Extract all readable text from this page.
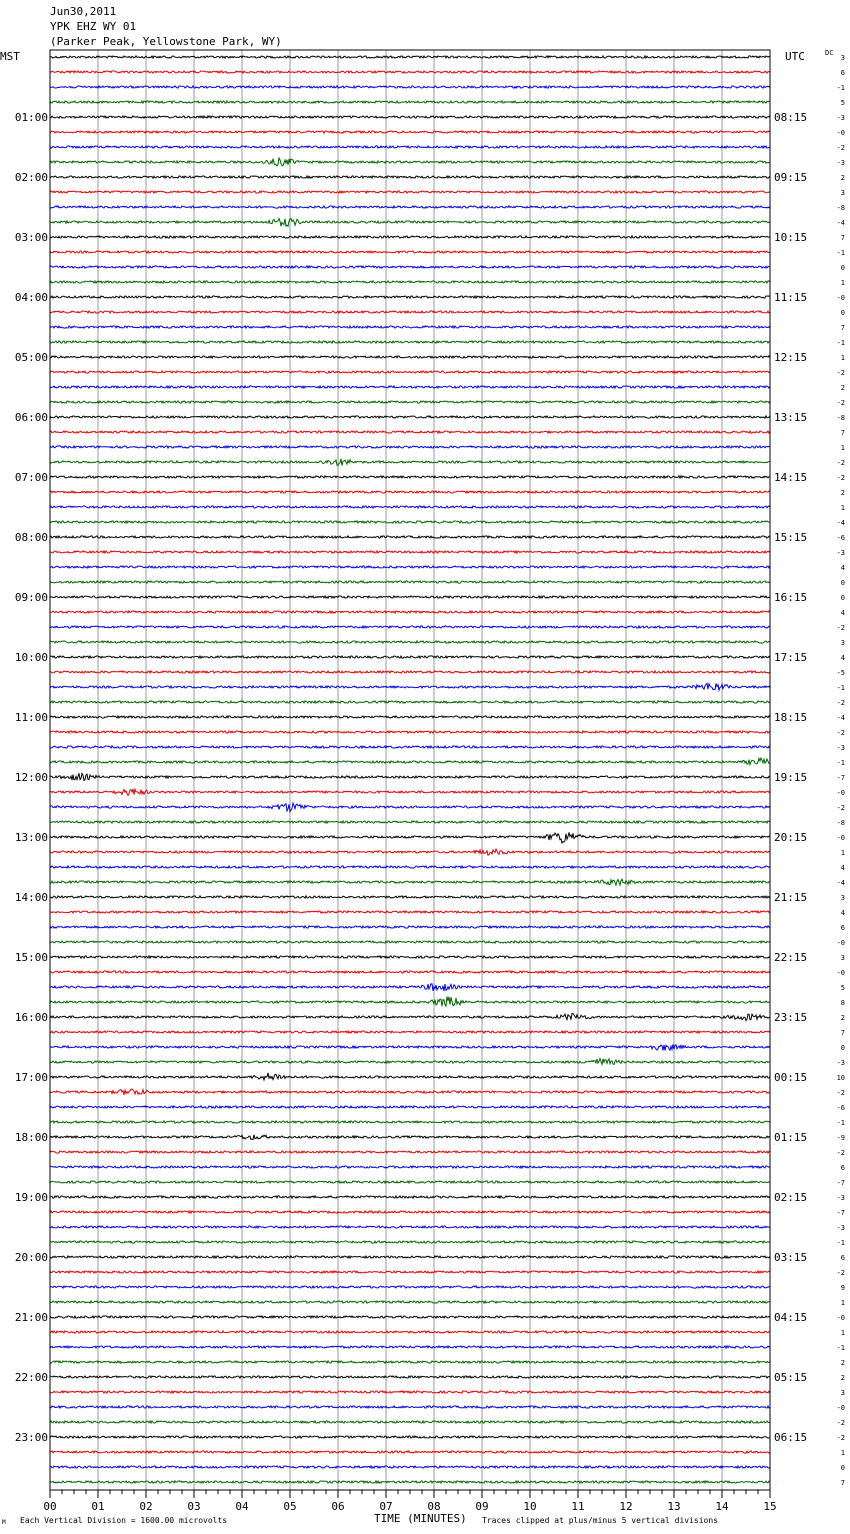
Jun30,2011
YPK EHZ WY 01
(Parker Peak, Yellowstone Park, WY)
MST	UTC	DC
00	01	02	03	04	05	06	07	08	09	10	11	12	13	14	15
01:00
02:00
03:00
04:00
05:00
06:00
07:00
08:00
09:00
10:00
11:00
12:00
13:00
14:00
15:00
16:00
17:00
18:00
19:00
20:00
21:00
22:00
23:00
08:15
09:15
10:15
11:15
12:15
13:15
14:15
15:15
16:15
17:15
18:15
19:15
20:15
21:15
22:15
23:15
00:15
01:15
02:15
03:15
04:15
05:15
06:15
3
6
-1
5
-3
-0
-2
-3
2
3
-8
-4
7
-1
0
1
-0
0
7
-1
1
-2
2
-2
-8
7
1
-2
-2
2
1
-4
-6
-3
4
0
0
4
-2
3
4
-5
-1
-2
-4
-2
-3
-1
-7
-0
-2
-8
-0
1
4
-4
3
4
6
-0
3
-0
5
8
2
7
0
-3
10
-2
-6
-1
-9
-2
6
-7
-3
-7
-3
-1
6
-2
9
1
-0
1
-1
2
2
3
-0
-2
-2
1
0
7
TIME (MINUTES)
M Each Vertical Division = 1600.00 microvolts	Traces clipped at plus/minus 5 vertical divisions
